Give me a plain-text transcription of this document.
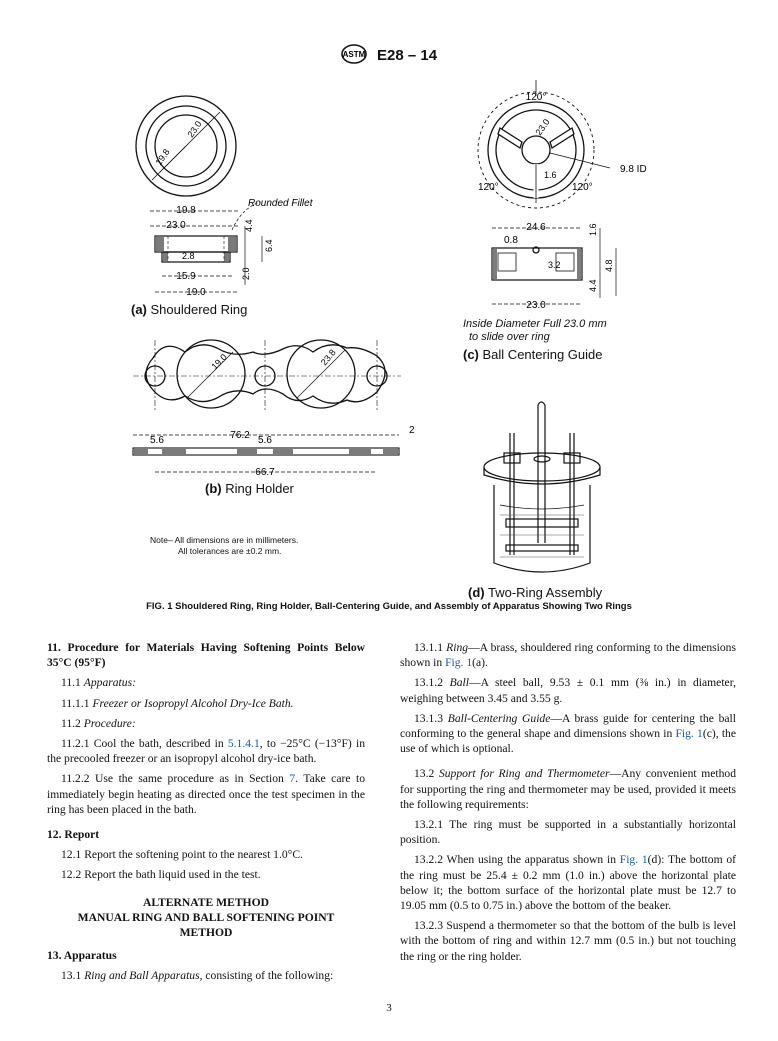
ASTM E28 – 14
23.0
19.8
19.8
23.0
Rounded Fillet
4.4
6.4
2.8
2.0
15.9
19.0
(a) Shouldered Ring
19.0	23.8
76.2
5.6	5.6
2
66.7
(b) Ring Holder
120°
120°	120°
23.0
9.8 ID
1.6
24.6
0.8
1.6
3.2	4.8
4.4
23.0
Inside Diameter Full 23.0 mm
to slide over ring
(c) Ball Centering Guide
(d) Two-Ring Assembly
Note– All dimensions are in millimeters.
All tolerances are ±0.2 mm.
FIG. 1 Shouldered Ring, Ring Holder, Ball-Centering Guide, and Assembly of Apparatus Showing Two Rings

11. Procedure for Materials Having Softening Points Below 35°C (95°F)

11.1 Apparatus:

11.1.1 Freezer or Isopropyl Alcohol Dry-Ice Bath.

11.2 Procedure:

11.2.1 Cool the bath, described in 5.1.4.1, to −25°C (−13°F) in the precooled freezer or an isopropyl alcohol dry-ice bath.

11.2.2 Use the same procedure as in Section 7. Take care to immediately begin heating as directed once the test specimen in the ring has been placed in the bath.

12. Report

12.1 Report the softening point to the nearest 1.0°C.

12.2 Report the bath liquid used in the test.

ALTERNATE METHOD

MANUAL RING AND BALL SOFTENING POINT METHOD

13. Apparatus

13.1 Ring and Ball Apparatus, consisting of the following:

13.1.1 Ring—A brass, shouldered ring conforming to the dimensions shown in Fig. 1(a).

13.1.2 Ball—A steel ball, 9.53 ± 0.1 mm (⅜ in.) in diameter, weighing between 3.45 and 3.55 g.

13.1.3 Ball-Centering Guide—A brass guide for centering the ball conforming to the general shape and dimensions shown in Fig. 1(c), the use of which is optional.

13.2 Support for Ring and Thermometer—Any convenient method for supporting the ring and thermometer may be used, provided it meets the following requirements:

13.2.1 The ring must be supported in a substantially horizontal position.

13.2.2 When using the apparatus shown in Fig. 1(d): The bottom of the ring must be 25.4 ± 0.2 mm (1.0 in.) above the horizontal plate below it; the bottom surface of the horizontal plate must be 12.7 to 19.05 mm (0.5 to 0.75 in.) above the bottom of the beaker.

13.2.3 Suspend a thermometer so that the bottom of the bulb is level with the bottom of ring and within 12.7 mm (0.5 in.) but not touching the ring or the ring holder.

3
